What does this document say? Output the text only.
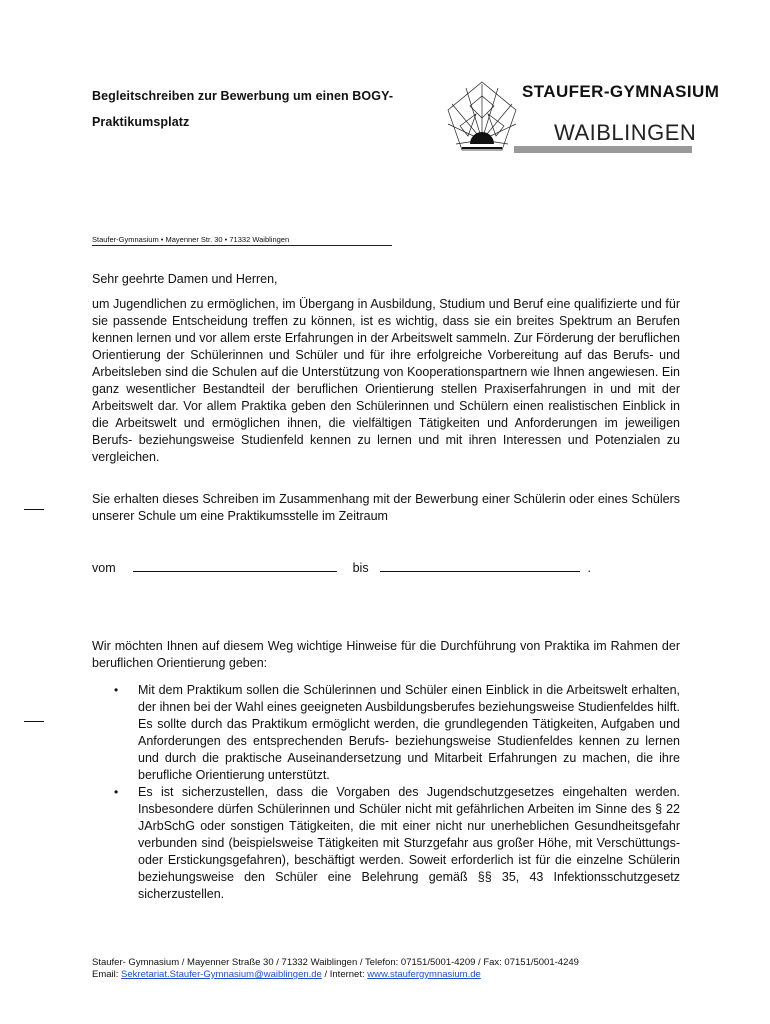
Begleitschreiben zur Bewerbung um einen BOGY-
Praktikumsplatz
STAUFER-GYMNASIUM
WAIBLINGEN
Staufer-Gymnasium • Mayenner Str. 30 • 71332 Waiblingen
Sehr geehrte Damen und Herren,
um Jugendlichen zu ermöglichen, im Übergang in Ausbildung, Studium und Beruf eine qualifizierte und für sie passende Entscheidung treffen zu können, ist es wichtig, dass sie ein breites Spektrum an Berufen kennen lernen und vor allem erste Erfahrungen in der Arbeitswelt sammeln. Zur Förderung der beruflichen Orientierung der Schülerinnen und Schüler und für ihre erfolgreiche Vorbereitung auf das Berufs- und Arbeitsleben sind die Schulen auf die Unterstützung von Kooperationspartnern wie Ihnen angewiesen. Ein ganz wesentlicher Bestandteil der beruflichen Orientierung stellen Praxiserfahrungen in und mit der Arbeitswelt dar. Vor allem Praktika geben den Schülerinnen und Schülern einen realistischen Einblick in die Arbeitswelt und ermöglichen ihnen, die vielfältigen Tätigkeiten und Anforderungen im jeweiligen Berufs- beziehungsweise Studienfeld kennen zu lernen und mit ihren Interessen und Potenzialen zu vergleichen.
Sie erhalten dieses Schreiben im Zusammenhang mit der Bewerbung einer Schülerin oder eines Schülers unserer Schule um eine Praktikumsstelle im Zeitraum
vom	bis	.
Wir möchten Ihnen auf diesem Weg wichtige Hinweise für die Durchführung von Praktika im Rahmen der beruflichen Orientierung geben:
• Mit dem Praktikum sollen die Schülerinnen und Schüler einen Einblick in die Arbeitswelt erhalten, der ihnen bei der Wahl eines geeigneten Ausbildungsberufes beziehungsweise Studienfeldes hilft. Es sollte durch das Praktikum ermöglicht werden, die grundlegenden Tätigkeiten, Aufgaben und Anforderungen des entsprechenden Berufs- beziehungsweise Studienfeldes kennen zu lernen und durch die praktische Auseinandersetzung und Mitarbeit Erfahrungen zu machen, die ihre berufliche Orientierung unterstützt.
• Es ist sicherzustellen, dass die Vorgaben des Jugendschutzgesetzes eingehalten werden. Insbesondere dürfen Schülerinnen und Schüler nicht mit gefährlichen Arbeiten im Sinne des § 22 JArbSchG oder sonstigen Tätigkeiten, die mit einer nicht nur unerheblichen Gesundheitsgefahr verbunden sind (beispielsweise Tätigkeiten mit Sturzgefahr aus großer Höhe, mit Verschüttungs- oder Erstickungsgefahren), beschäftigt werden. Soweit erforderlich ist für die einzelne Schülerin beziehungsweise den Schüler eine Belehrung gemäß §§ 35, 43 Infektionsschutzgesetz sicherzustellen.
Staufer- Gymnasium / Mayenner Straße 30 / 71332 Waiblingen / Telefon: 07151/5001-4209 / Fax: 07151/5001-4249
Email: Sekretariat.Staufer-Gymnasium@waiblingen.de / Internet: www.staufergymnasium.de
